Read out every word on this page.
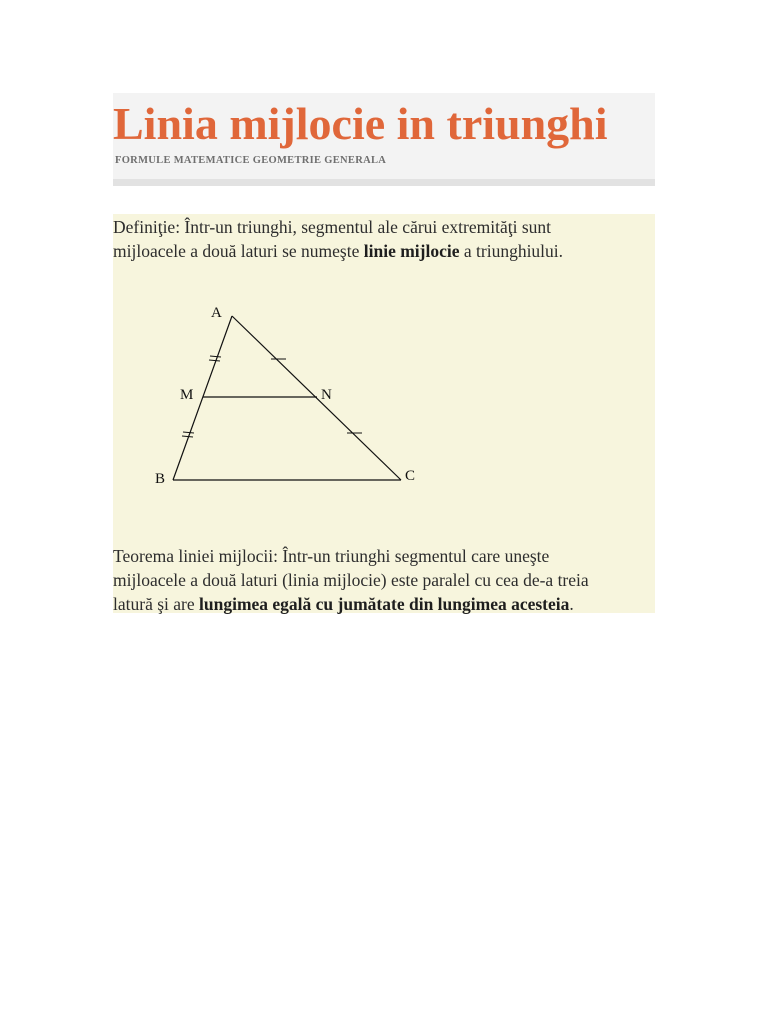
Linia mijlocie in triunghi
FORMULE MATEMATICE GEOMETRIE GENERALA
Definiţie: Într-un triunghi, segmentul ale cărui extremităţi sunt mijloacele a două laturi se numeşte linie mijlocie a triunghiului.
A
M	N
B	C
Teorema liniei mijlocii: Într-un triunghi segmentul care uneşte mijloacele a două laturi (linia mijlocie) este paralel cu cea de-a treia latură şi are lungimea egală cu jumătate din lungimea acesteia.
